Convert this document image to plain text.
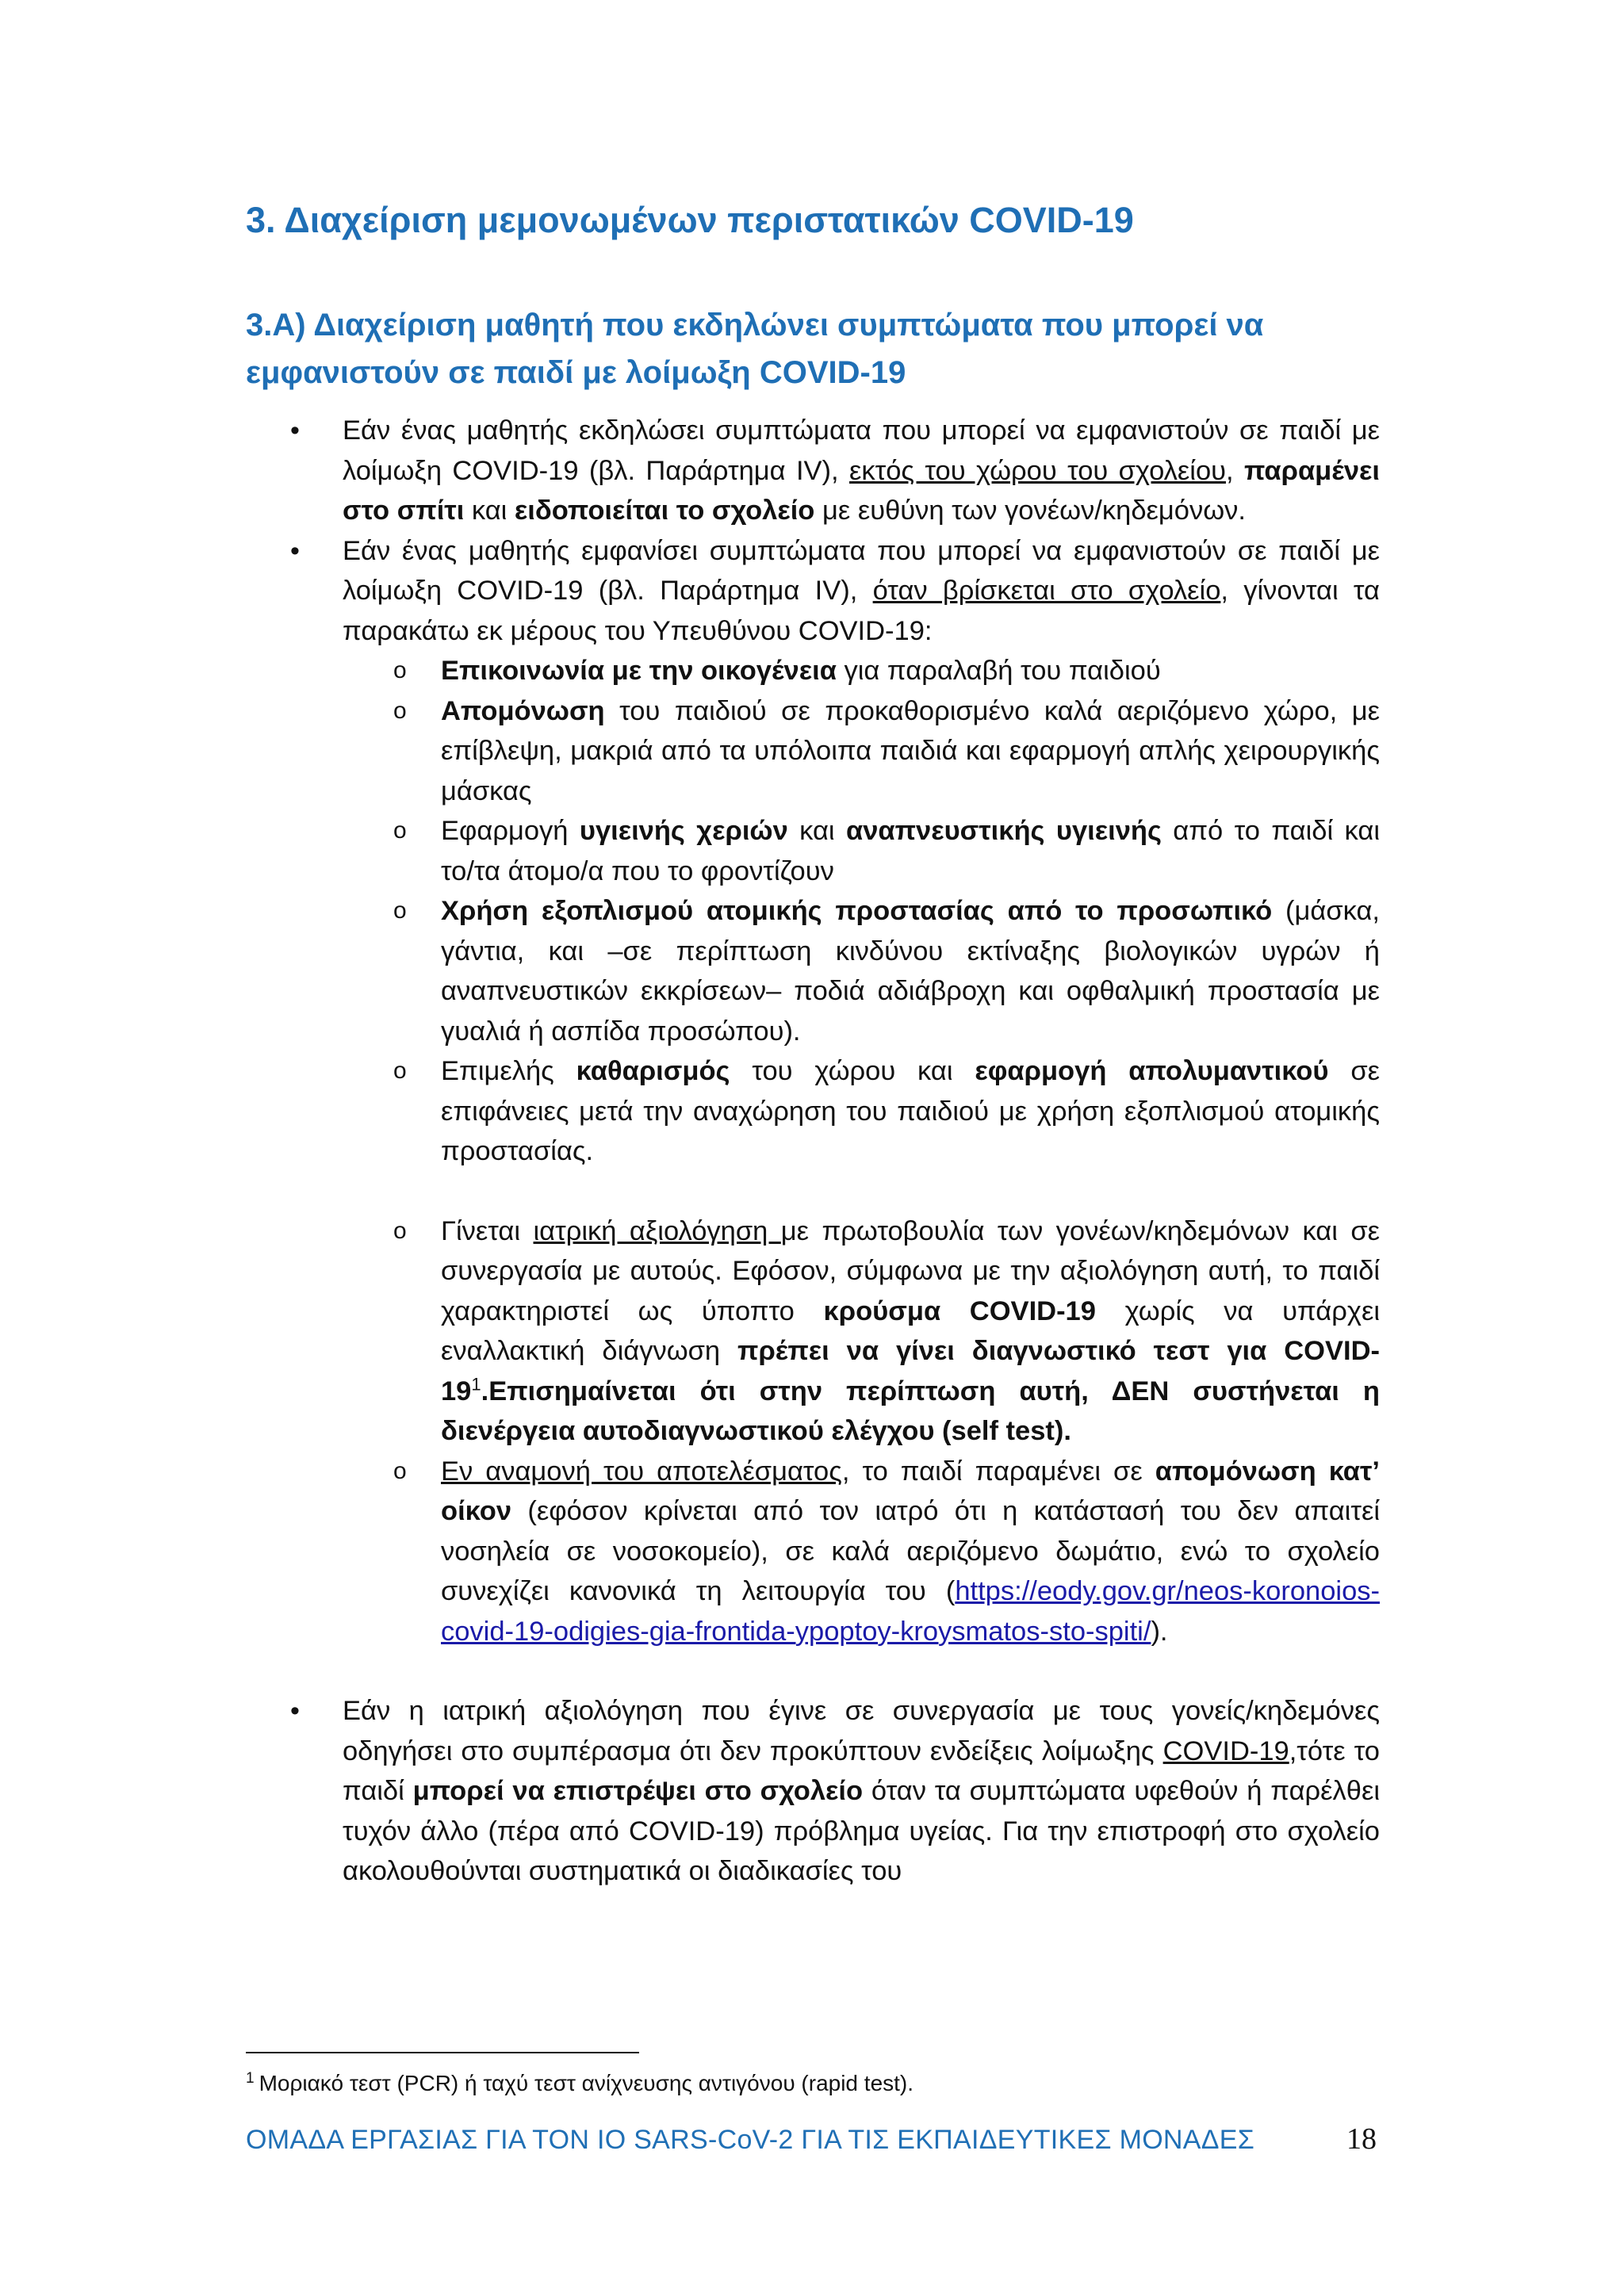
3. Διαχείριση μεμονωμένων περιστατικών COVID-19
3.Α) Διαχείριση μαθητή που εκδηλώνει συμπτώματα που μπορεί να εμφανιστούν σε παιδί με λοίμωξη COVID-19
• Εάν ένας μαθητής εκδηλώσει συμπτώματα που μπορεί να εμφανιστούν σε παιδί με λοίμωξη COVID-19 (βλ. Παράρτημα IV), εκτός του χώρου του σχολείου, παραμένει στο σπίτι και ειδοποιείται το σχολείο με ευθύνη των γονέων/κηδεμόνων.
• Εάν ένας μαθητής εμφανίσει συμπτώματα που μπορεί να εμφανιστούν σε παιδί με λοίμωξη COVID-19 (βλ. Παράρτημα IV), όταν βρίσκεται στο σχολείο, γίνονται τα παρακάτω εκ μέρους του Υπευθύνου COVID-19:
o Επικοινωνία με την οικογένεια για παραλαβή του παιδιού
o Απομόνωση του παιδιού σε προκαθορισμένο καλά αεριζόμενο χώρο, με επίβλεψη, μακριά από τα υπόλοιπα παιδιά και εφαρμογή απλής χειρουργικής μάσκας
o Εφαρμογή υγιεινής χεριών και αναπνευστικής υγιεινής από το παιδί και το/τα άτομο/α που το φροντίζουν
o Χρήση εξοπλισμού ατομικής προστασίας από το προσωπικό (μάσκα, γάντια, και –σε περίπτωση κινδύνου εκτίναξης βιολογικών υγρών ή αναπνευστικών εκκρίσεων– ποδιά αδιάβροχη και οφθαλμική προστασία με γυαλιά ή ασπίδα προσώπου).
o Επιμελής καθαρισμός του χώρου και εφαρμογή απολυμαντικού σε επιφάνειες μετά την αναχώρηση του παιδιού με χρήση εξοπλισμού ατομικής προστασίας.
o Γίνεται ιατρική αξιολόγηση με πρωτοβουλία των γονέων/κηδεμόνων και σε συνεργασία με αυτούς. Εφόσον, σύμφωνα με την αξιολόγηση αυτή, το παιδί χαρακτηριστεί ως ύποπτο κρούσμα COVID-19 χωρίς να υπάρχει εναλλακτική διάγνωση πρέπει να γίνει διαγνωστικό τεστ για COVID-19$^1$.Επισημαίνεται ότι στην περίπτωση αυτή, ΔΕΝ συστήνεται η διενέργεια αυτοδιαγνωστικού ελέγχου (self test).
o Εν αναμονή του αποτελέσματος, το παιδί παραμένει σε απομόνωση κατ’ οίκον (εφόσον κρίνεται από τον ιατρό ότι η κατάστασή του δεν απαιτεί νοσηλεία σε νοσοκομείο), σε καλά αεριζόμενο δωμάτιο, ενώ το σχολείο συνεχίζει κανονικά τη λειτουργία του (https://eody.gov.gr/neos-koronoios-covid-19-odigies-gia-frontida-ypoptoy-kroysmatos-sto-spiti/).
• Εάν η ιατρική αξιολόγηση που έγινε σε συνεργασία με τους γονείς/κηδεμόνες οδηγήσει στο συμπέρασμα ότι δεν προκύπτουν ενδείξεις λοίμωξης COVID-19,τότε το παιδί μπορεί να επιστρέψει στο σχολείο όταν τα συμπτώματα υφεθούν ή παρέλθει τυχόν άλλο (πέρα από COVID-19) πρόβλημα υγείας. Για την επιστροφή στο σχολείο ακολουθούνται συστηματικά οι διαδικασίες του
$^1$ Μοριακό τεστ (PCR) ή ταχύ τεστ ανίχνευσης αντιγόνου (rapid test).
ΟΜΑΔΑ ΕΡΓΑΣΙΑΣ ΓΙΑ ΤΟΝ ΙΟ SARS-CoV-2 ΓΙΑ ΤΙΣ ΕΚΠΑΙΔΕΥΤΙΚΕΣ ΜΟΝΑΔΕΣ	18
